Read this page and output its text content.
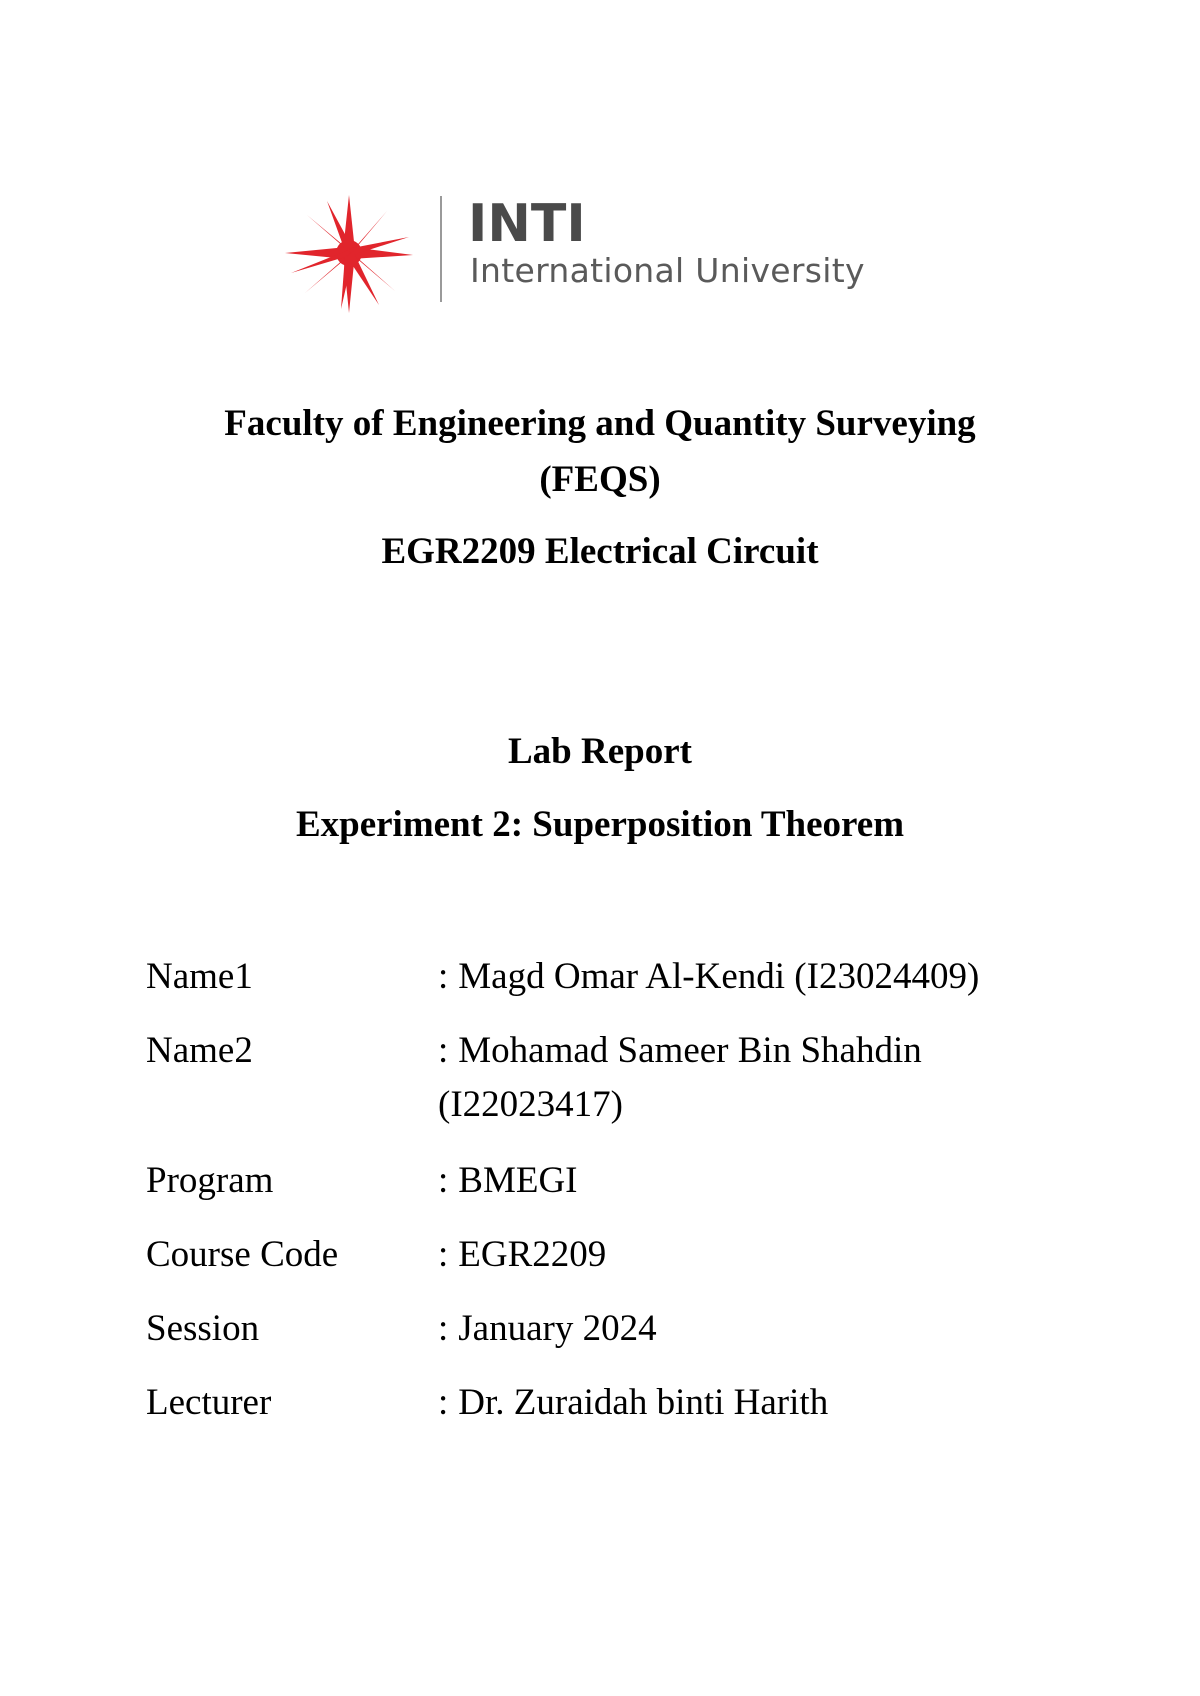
INTI
International University
Faculty of Engineering and Quantity Surveying
(FEQS)
EGR2209 Electrical Circuit
Lab Report
Experiment 2: Superposition Theorem
Name1	: Magd Omar Al-Kendi (I23024409)
Name2	: Mohamad Sameer Bin Shahdin (I22023417)
Program	: BMEGI
Course Code	: EGR2209
Session	: January 2024
Lecturer	: Dr. Zuraidah binti Harith
